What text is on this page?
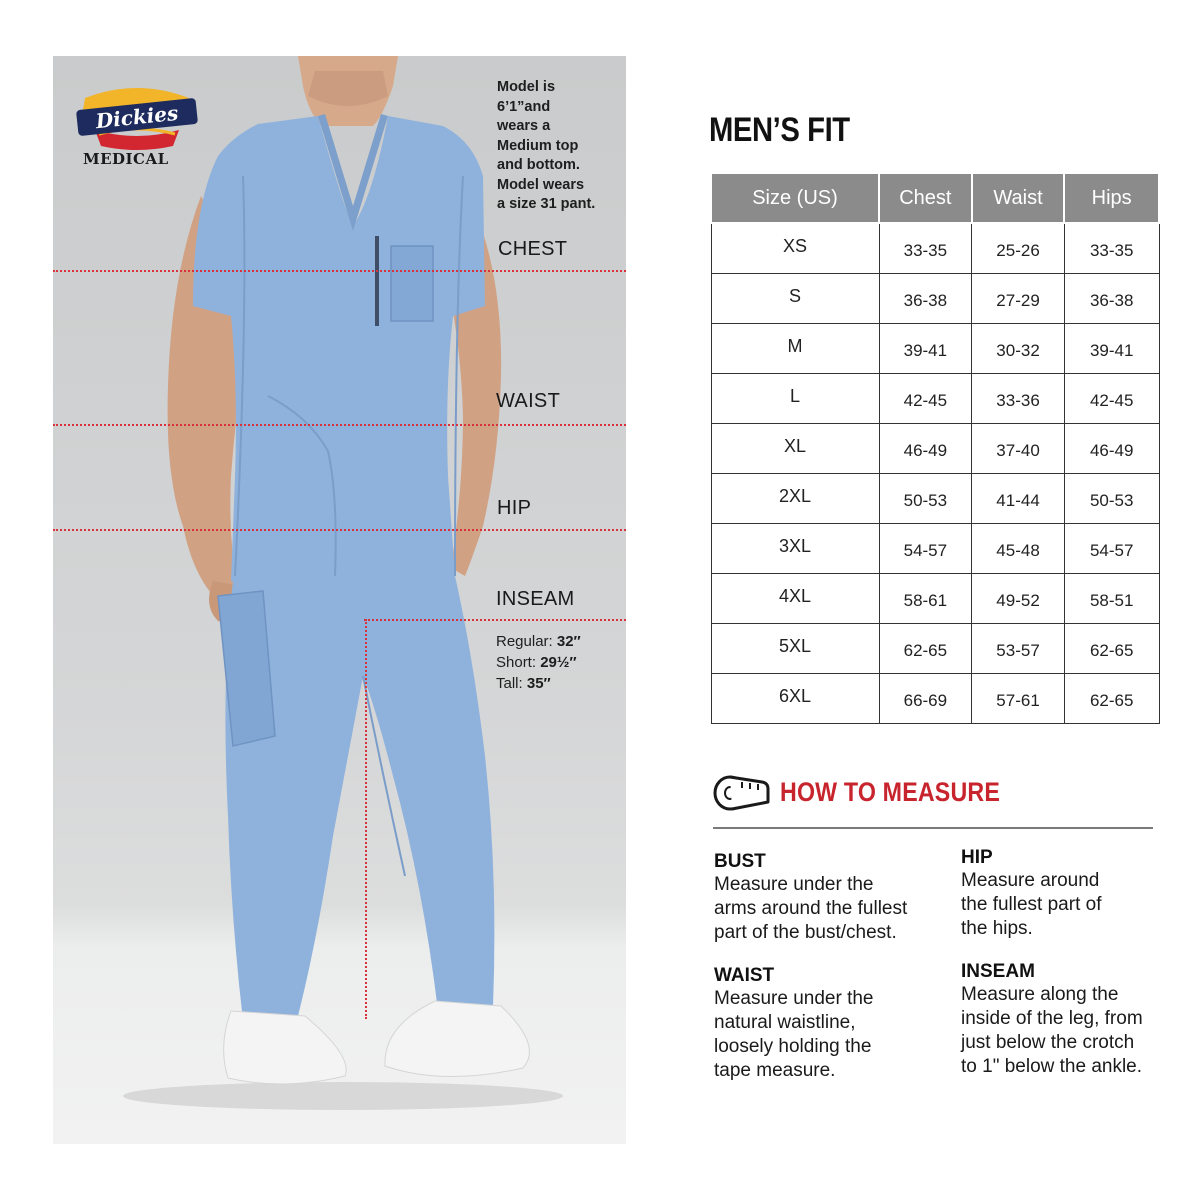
Dickies
MEDICAL
Model is
6’1”and
wears a
Medium top
and bottom.
Model wears
a size 31 pant.
CHEST
WAIST
HIP
INSEAM
Regular: 32″
Short: 29½″
Tall: 35″
MEN’S FIT
Size (US)	Chest	Waist	Hips
XS	33-35	25-26	33-35
S	36-38	27-29	36-38
M	39-41	30-32	39-41
L	42-45	33-36	42-45
XL	46-49	37-40	46-49
2XL	50-53	41-44	50-53
3XL	54-57	45-48	54-57
4XL	58-61	49-52	58-51
5XL	62-65	53-57	62-65
6XL	66-69	57-61	62-65
HOW TO MEASURE
BUST
Measure under the
arms around the fullest
part of the bust/chest.
WAIST
Measure under the
natural waistline,
loosely holding the
tape measure.
HIP
Measure around
the fullest part of
the hips.
INSEAM
Measure along the
inside of the leg, from
just below the crotch
to 1" below the ankle.
